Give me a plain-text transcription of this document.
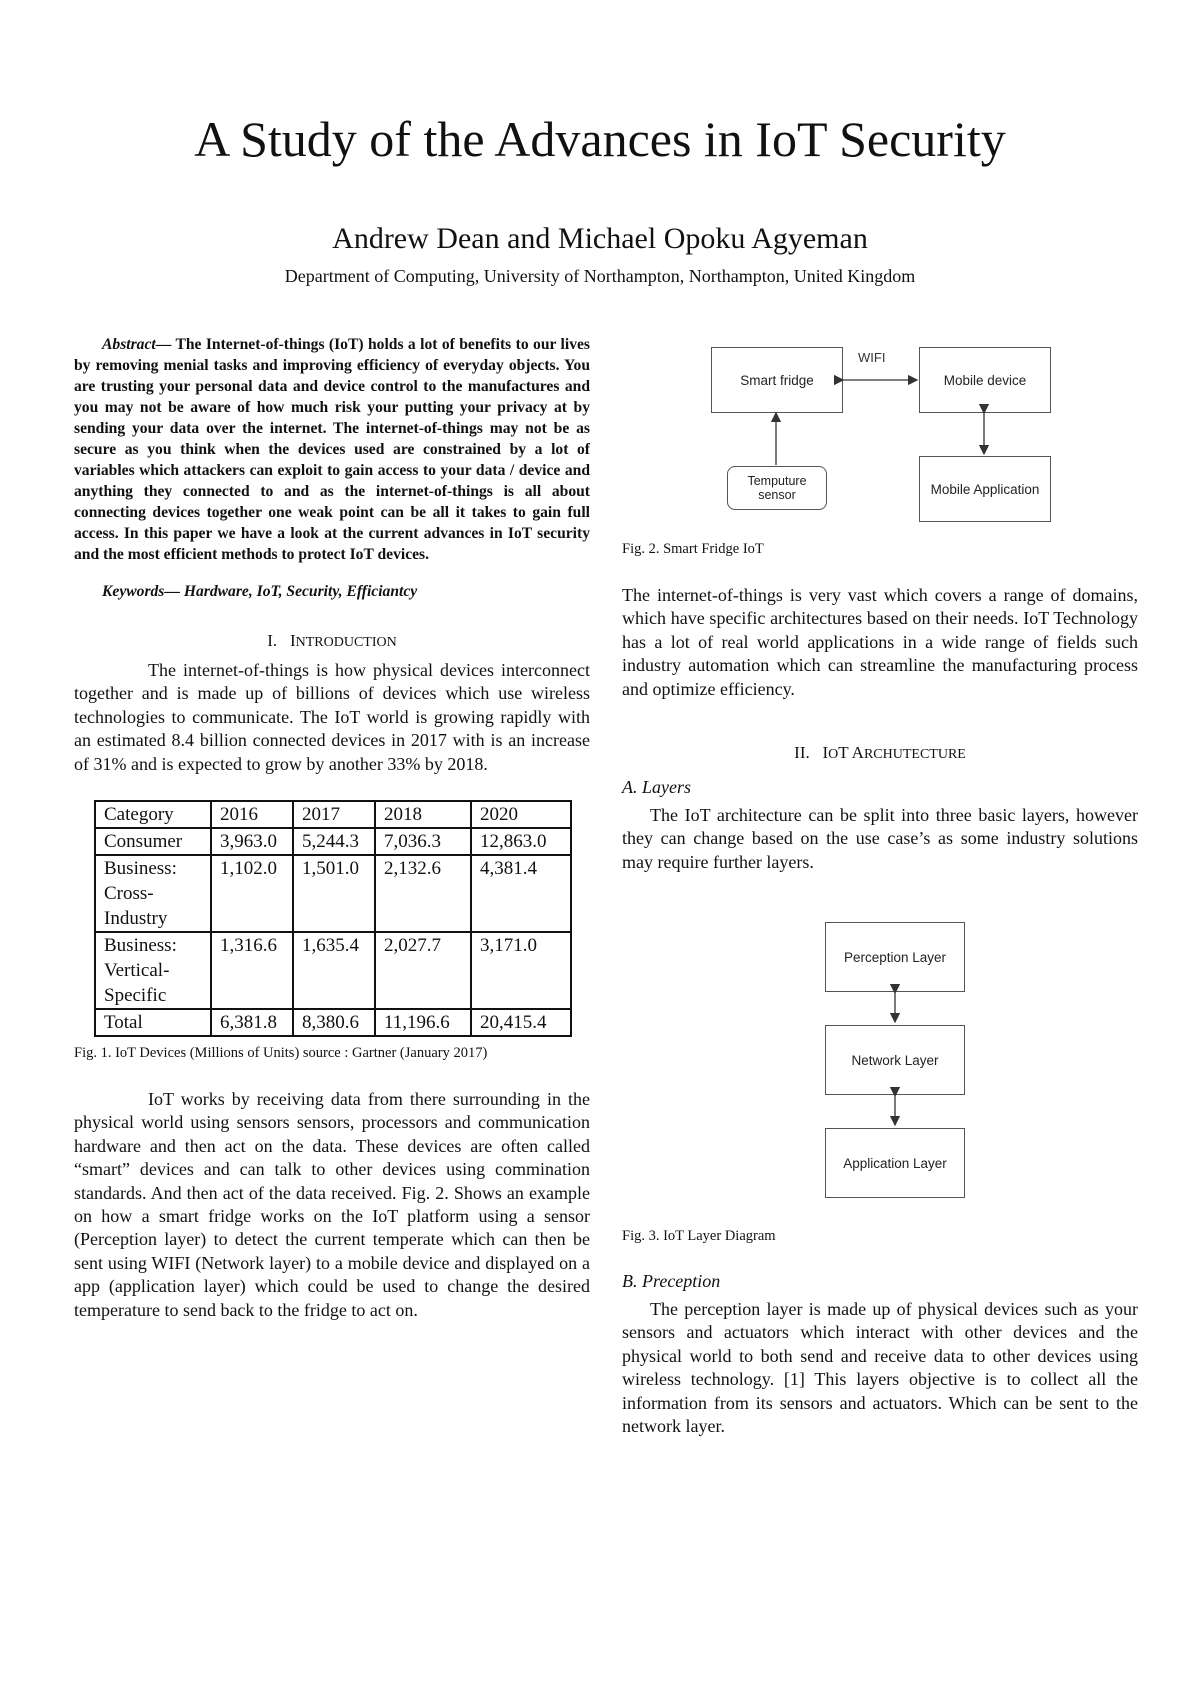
A Study of the Advances in IoT Security
Andrew Dean and Michael Opoku Agyeman
Department of Computing, University of Northampton, Northampton, United Kingdom

Abstract— The Internet-of-things (IoT) holds a lot of benefits to our lives by removing menial tasks and improving efficiency of everyday objects. You are trusting your personal data and device control to the manufactures and you may not be aware of how much risk your putting your privacy at by sending your data over the internet. The internet-of-things may not be as secure as you think when the devices used are constrained by a lot of variables which attackers can exploit to gain access to your data / device and anything they connected to and as the internet-of-things is all about connecting devices together one weak point can be all it takes to gain full access. In this paper we have a look at the current advances in IoT security and the most efficient methods to protect IoT devices.

Keywords— Hardware, IoT, Security, Efficiantcy

I. INTRODUCTION

The internet-of-things is how physical devices interconnect together and is made up of billions of devices which use wireless technologies to communicate. The IoT world is growing rapidly with an estimated 8.4 billion connected devices in 2017 with is an increase of 31% and is expected to grow by another 33% by 2018.

Category	2016	2017	2018	2020
Consumer	3,963.0	5,244.3	7,036.3	12,863.0
Business: Cross-Industry	1,102.0	1,501.0	2,132.6	4,381.4
Business: Vertical-Specific	1,316.6	1,635.4	2,027.7	3,171.0
Total	6,381.8	8,380.6	11,196.6	20,415.4

Fig. 1. IoT Devices (Millions of Units) source : Gartner (January 2017)

IoT works by receiving data from there surrounding in the physical world using sensors sensors, processors and communication hardware and then act on the data. These devices are often called “smart” devices and can talk to other devices using commination standards. And then act of the data received. Fig. 2. Shows an example on how a smart fridge works on the IoT platform using a sensor (Perception layer) to detect the current temperate which can then be sent using WIFI (Network layer) to a mobile device and displayed on a app (application layer) which could be used to change the desired temperature to send back to the fridge to act on.

Smart fridge	Mobile device
WIFI
Temputure sensor	Mobile Application

Fig. 2. Smart Fridge IoT

The internet-of-things is very vast which covers a range of domains, which have specific architectures based on their needs. IoT Technology has a lot of real world applications in a wide range of fields such industry automation which can streamline the manufacturing process and optimize efficiency.

II. IOT ARCHUTECTURE
A. Layers

The IoT architecture can be split into three basic layers, however they can change based on the use case’s as some industry solutions may require further layers.

Perception Layer
Network Layer
Application Layer

Fig. 3. IoT Layer Diagram

B. Preception

The perception layer is made up of physical devices such as your sensors and actuators which interact with other devices and the physical world to both send and receive data to other devices using wireless technology. [1] This layers objective is to collect all the information from its sensors and actuators. Which can be sent to the network layer.
